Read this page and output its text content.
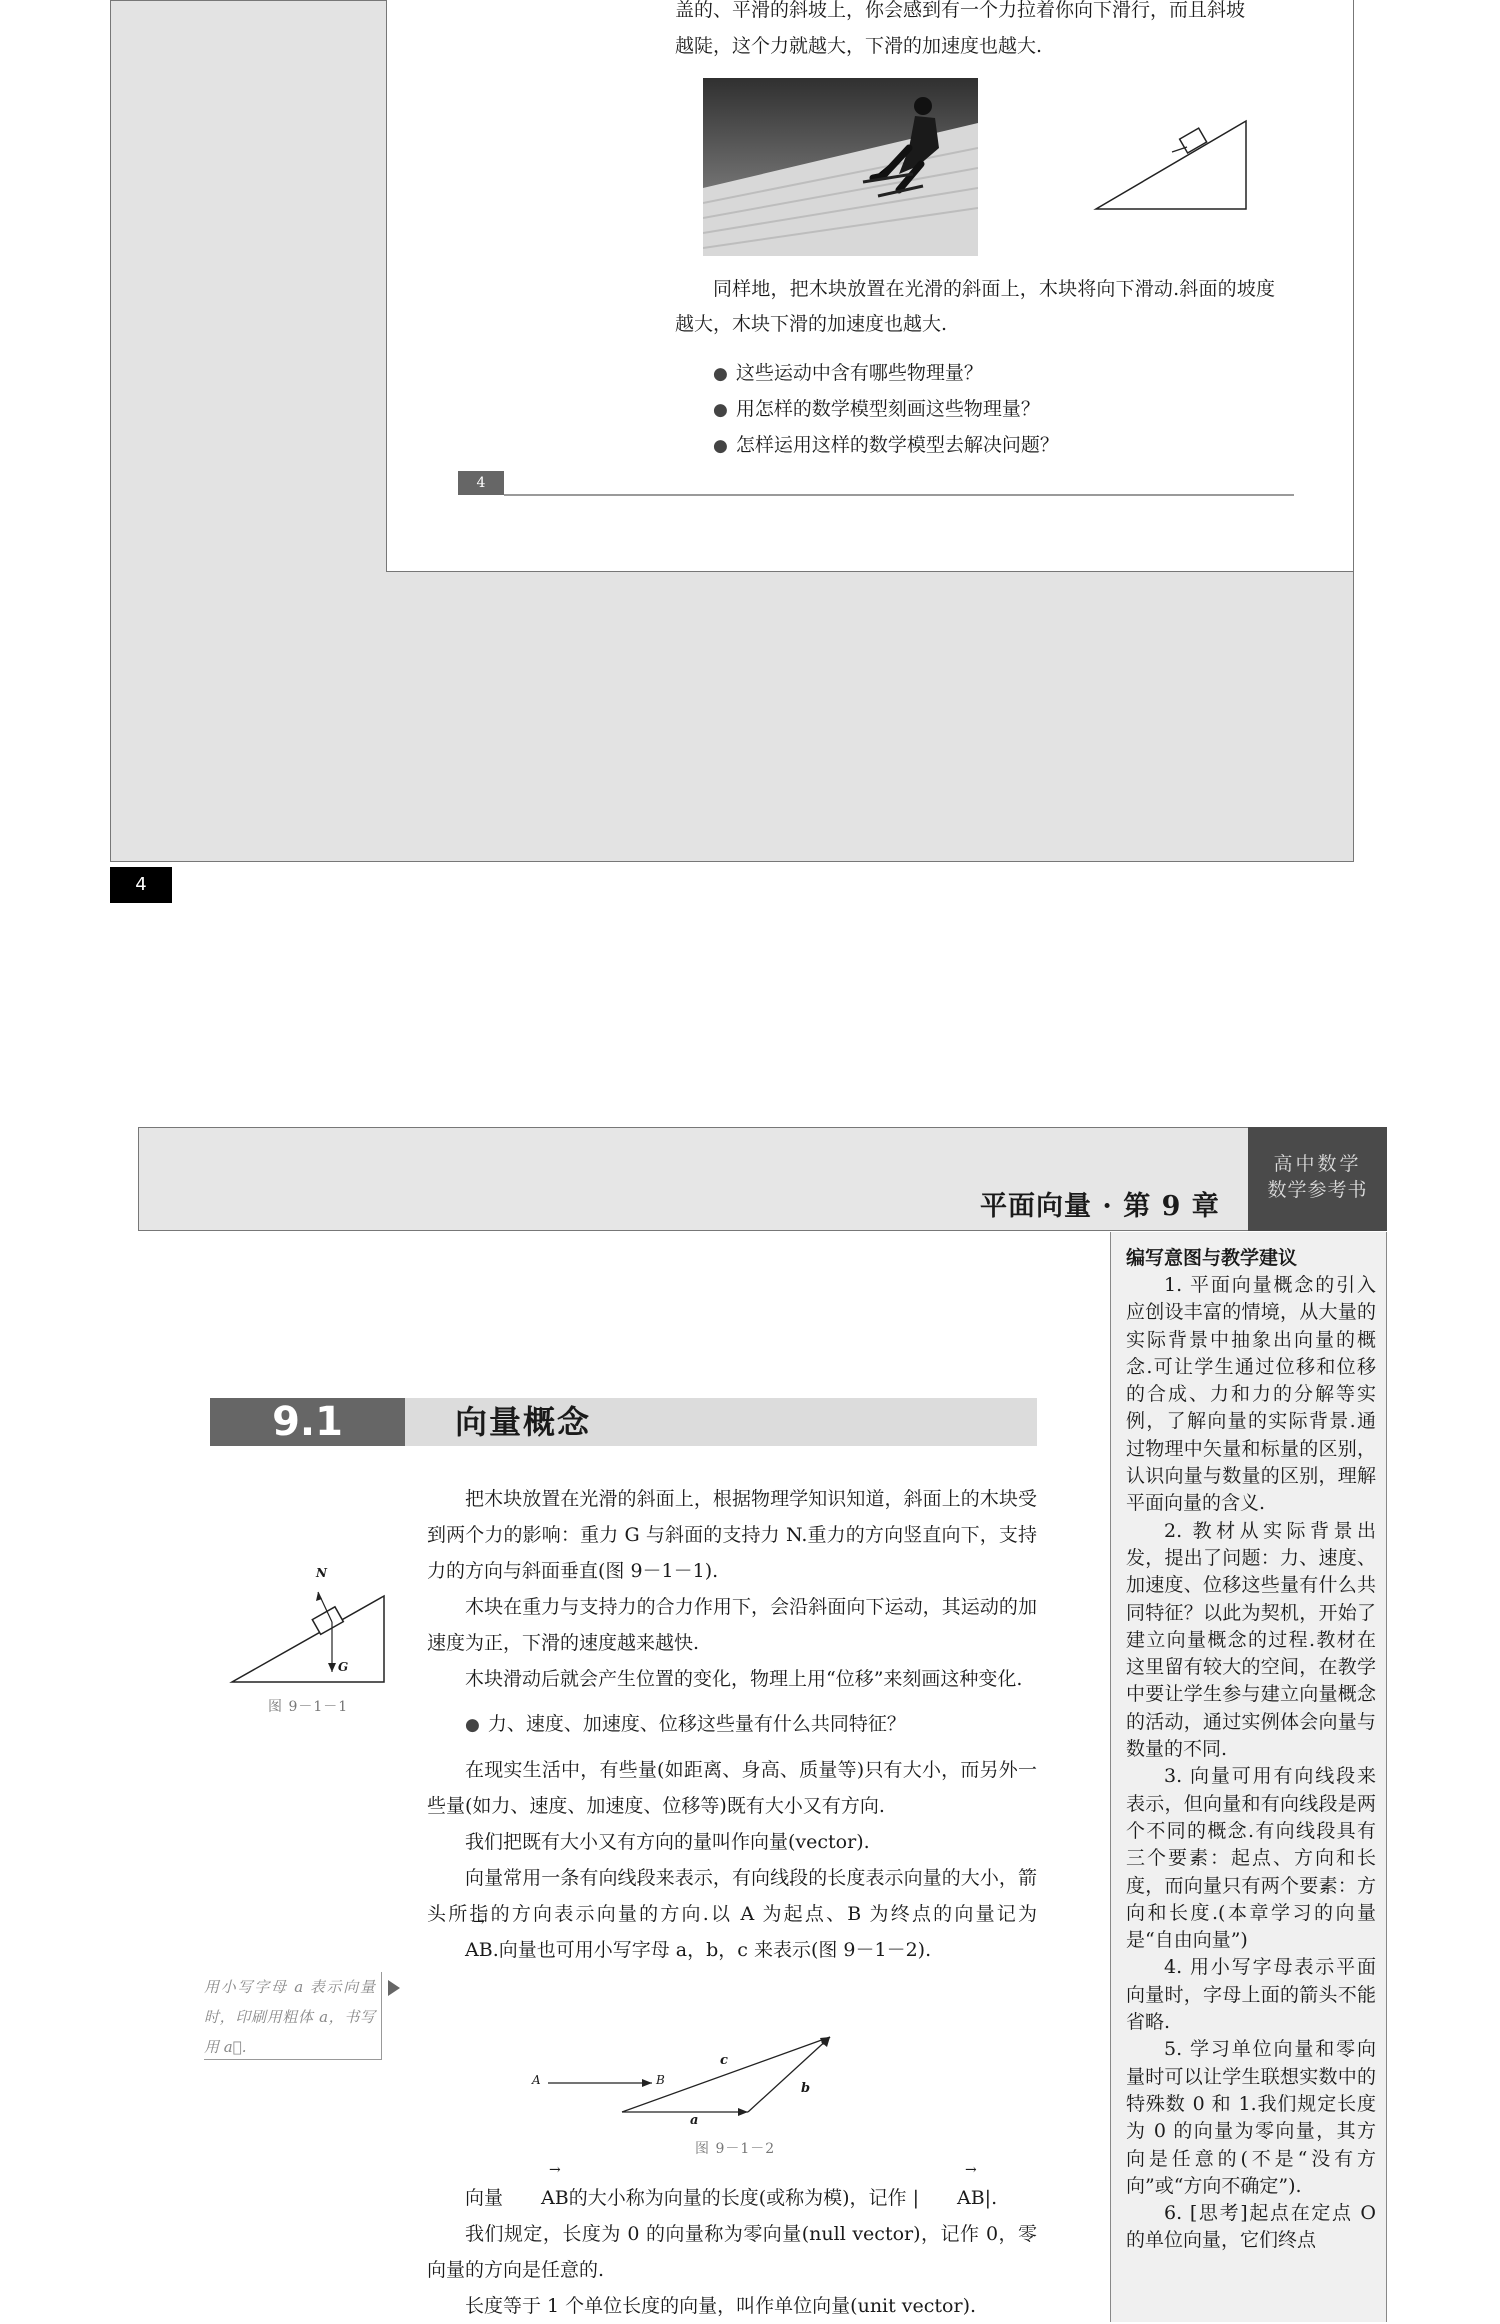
盖的、平滑的斜坡上，你会感到有一个力拉着你向下滑行，而且斜坡

越陡，这个力就越大，下滑的加速度也越大.

同样地，把木块放置在光滑的斜面上，木块将向下滑动.斜面的坡度越大，木块下滑的加速度也越大.

● 这些运动中含有哪些物理量？
● 用怎样的数学模型刻画这些物理量？
● 怎样运用这样的数学模型去解决问题？
4
4
平面向量 · 第 9 章
高中数学
数学参考书
9.1	向量概念
N
G
图 9－1－1

把木块放置在光滑的斜面上，根据物理学知识知道，斜面上的木块受到两个力的影响：重力 G 与斜面的支持力 N.重力的方向竖直向下，支持力的方向与斜面垂直(图 9－1－1).

木块在重力与支持力的合力作用下，会沿斜面向下运动，其运动的加速度为正，下滑的速度越来越快.

木块滑动后就会产生位置的变化，物理上用“位移”来刻画这种变化.

● 力、速度、加速度、位移这些量有什么共同特征？

在现实生活中，有些量(如距离、身高、质量等)只有大小，而另外一些量(如力、速度、加速度、位移等)既有大小又有方向.

我们把既有大小又有方向的量叫作向量(vector).

向量常用一条有向线段来表示，有向线段的长度表示向量的大小，箭头所指的方向表示向量的方向.以 A 为起点、B 为终点的向量记为→ AB.向量也可用小写字母 a，b，c 来表示(图 9－1－2).

用小写字母 a 表示向量时，印刷用粗体 a，书写用 a⃗.
A	B
a
b
c
图 9－1－2

向量 → AB的大小称为向量的长度(或称为模)，记作 | → AB|.

我们规定，长度为 0 的向量称为零向量(null vector)，记作 0，零向量的方向是任意的.

长度等于 1 个单位长度的向量，叫作单位向量(unit vector).

编写意图与教学建议

1. 平面向量概念的引入应创设丰富的情境，从大量的实际背景中抽象出向量的概念.可让学生通过位移和位移的合成、力和力的分解等实例，了解向量的实际背景.通过物理中矢量和标量的区别，认识向量与数量的区别，理解平面向量的含义.

2. 教材从实际背景出发，提出了问题：力、速度、加速度、位移这些量有什么共同特征？以此为契机，开始了建立向量概念的过程.教材在这里留有较大的空间，在教学中要让学生参与建立向量概念的活动，通过实例体会向量与数量的不同.

3. 向量可用有向线段来表示，但向量和有向线段是两个不同的概念.有向线段具有三个要素：起点、方向和长度，而向量只有两个要素：方向和长度.(本章学习的向量是“自由向量”)

4. 用小写字母表示平面向量时，字母上面的箭头不能省略.

5. 学习单位向量和零向量时可以让学生联想实数中的特殊数 0 和 1.我们规定长度为 0 的向量为零向量，其方向是任意的(不是“没有方向”或“方向不确定”).

6. [思考]起点在定点 O 的单位向量，它们终点
